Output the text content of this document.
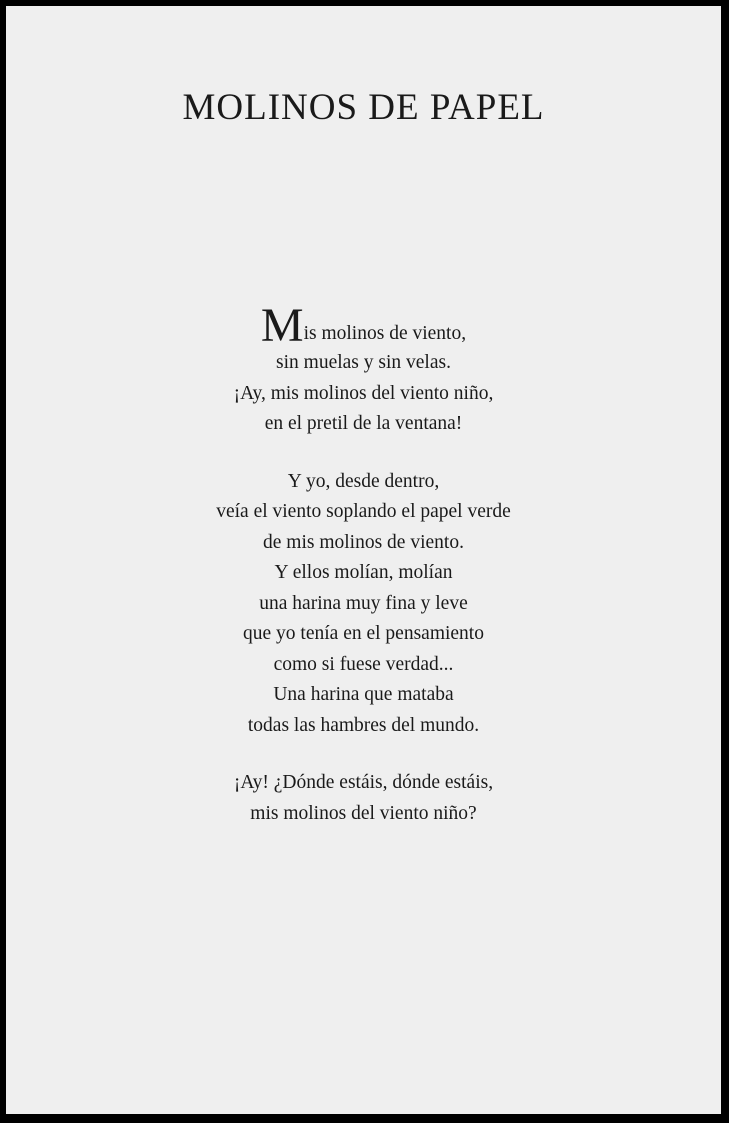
MOLINOS DE PAPEL
Mis molinos de viento,
sin muelas y sin velas.
¡Ay, mis molinos del viento niño,
en el pretil de la ventana!
Y yo, desde dentro,
veía el viento soplando el papel verde
de mis molinos de viento.
Y ellos molían, molían
una harina muy fina y leve
que yo tenía en el pensamiento
como si fuese verdad...
Una harina que mataba
todas las hambres del mundo.
¡Ay! ¿Dónde estáis, dónde estáis,
mis molinos del viento niño?
